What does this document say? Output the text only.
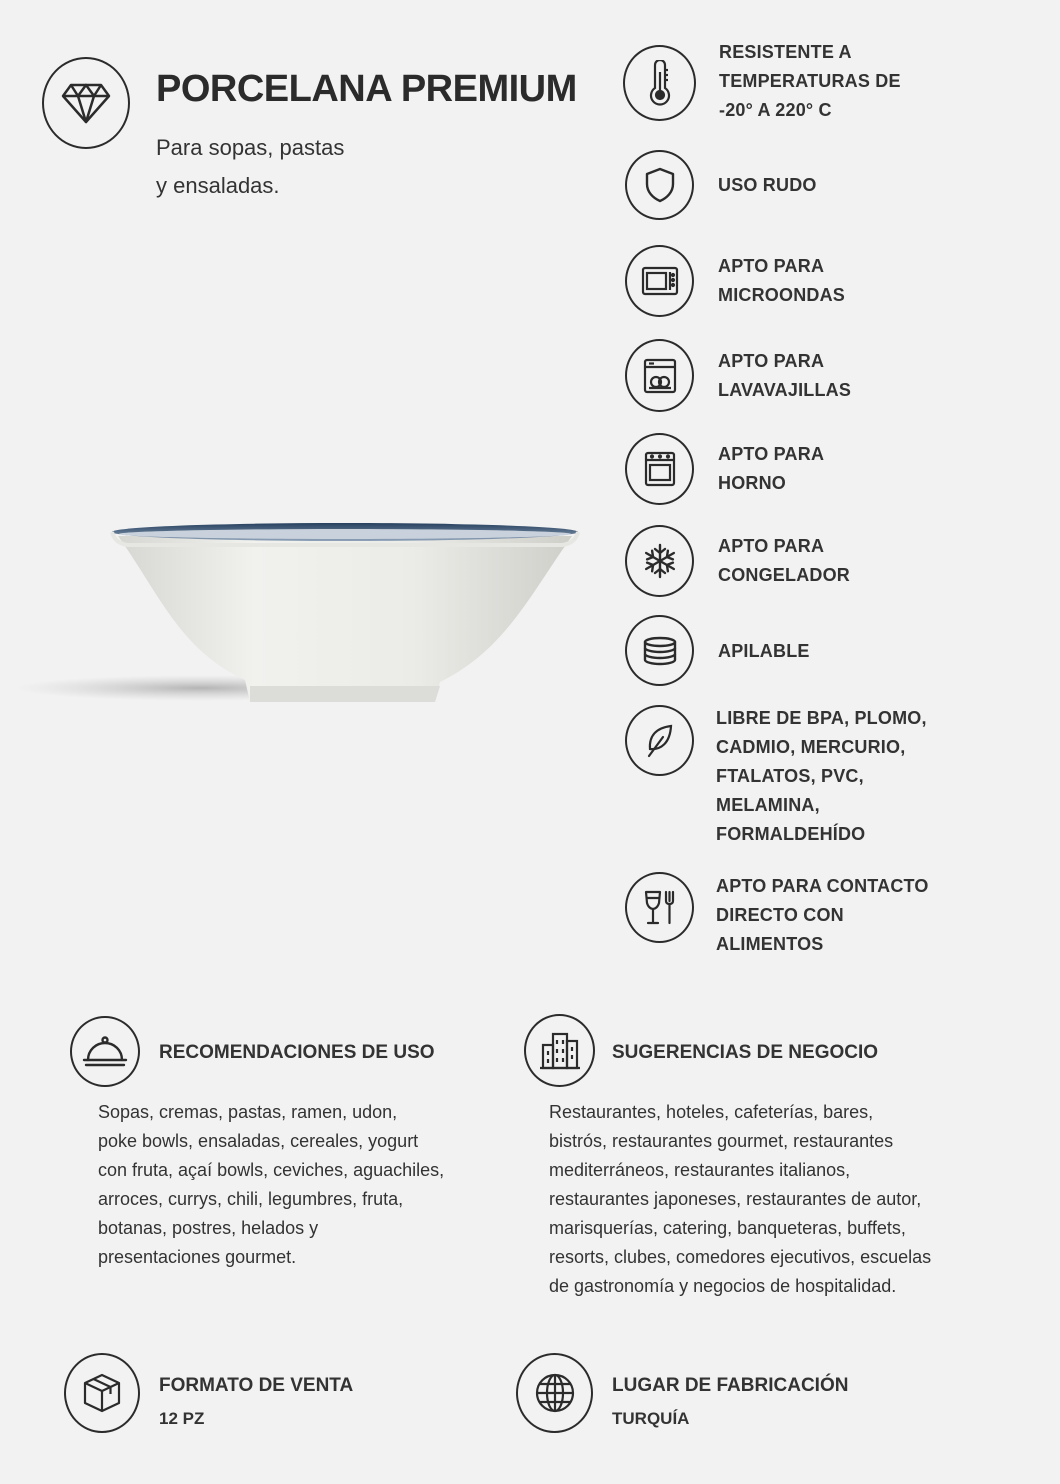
PORCELANA PREMIUM
Para sopas, pastas
y ensaladas.
RESISTENTE A
TEMPERATURAS DE
-20° A 220° C
USO RUDO
APTO PARA
MICROONDAS
APTO PARA
LAVAVAJILLAS
APTO PARA
HORNO
APTO PARA
CONGELADOR
APILABLE
LIBRE DE BPA, PLOMO,
CADMIO, MERCURIO,
FTALATOS, PVC,
MELAMINA,
FORMALDEHÍDO
APTO PARA CONTACTO
DIRECTO CON
ALIMENTOS
RECOMENDACIONES DE USO
Sopas, cremas, pastas, ramen, udon,
poke bowls, ensaladas, cereales, yogurt
con fruta, açaí bowls, ceviches, aguachiles,
arroces, currys, chili, legumbres, fruta,
botanas, postres, helados y
presentaciones gourmet.
SUGERENCIAS DE NEGOCIO
Restaurantes, hoteles, cafeterías, bares,
bistrós, restaurantes gourmet, restaurantes
mediterráneos, restaurantes italianos,
restaurantes japoneses, restaurantes de autor,
marisquerías, catering, banqueteras, buffets,
resorts, clubes, comedores ejecutivos, escuelas
de gastronomía y negocios de hospitalidad.
FORMATO DE VENTA
12 PZ
LUGAR DE FABRICACIÓN
TURQUÍA
